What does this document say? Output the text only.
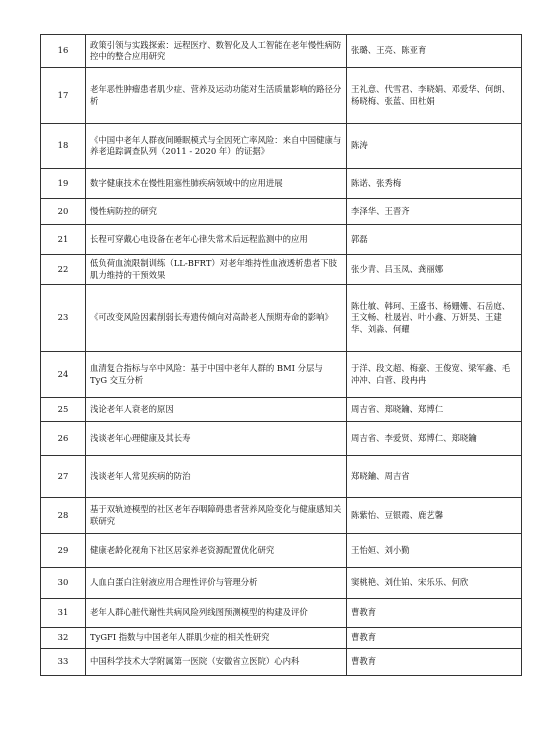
16	政策引领与实践探索：远程医疗、数智化及人工智能在老年慢性病防控中的整合应用研究	张璐、王亮、陈亚育
17	老年恶性肿瘤患者肌少症、营养及运动功能对生活质量影响的路径分析	王礼意、代雪君、李晓娟、邓爱华、何朗、杨晓梅、张蓝、田杜娟
18	《中国中老年人群夜间睡眠模式与全因死亡率风险：来自中国健康与养老追踪调查队列（2011 - 2020 年）的证据》	陈涛
19	数字健康技术在慢性阻塞性肺疾病领域中的应用进展	陈诺、张秀梅
20	慢性病防控的研究	李泽华、王晋齐
21	长程可穿戴心电设备在老年心律失常术后远程监测中的应用	郭磊
22	低负荷血流限制训练（LL-BFRT）对老年维持性血液透析患者下肢肌力维持的干预效果	张少青、吕玉凤、龚丽娜
23	《可改变风险因素削弱长寿遗传倾向对高龄老人预期寿命的影响》	陈仕敏、韩珂、王盛书、杨姗姗、石岳庭、王文畅、杜晟岩、叶小鑫、万妍昊、王建华、刘淼、何耀
24	血清复合指标与卒中风险：基于中国中老年人群的 BMI 分层与 TyG 交互分析	于洋、段文超、梅豪、王俊宽、梁军鑫、毛冲冲、白菅、段冉冉
25	浅论老年人衰老的原因	周吉省、郑晓鑰、郑博仁
26	浅谈老年心理健康及其长寿	周吉省、李爱贤、郑博仁、郑晓鑰
27	浅谈老年人常见疾病的防治	郑晓鑰、周吉省
28	基于双轨迹模型的社区老年吞咽障碍患者营养风险变化与健康感知关联研究	陈紫怡、豆银霞、鹿艺馨
29	健康老龄化视角下社区居家养老资源配置优化研究	王怡姮、刘小勤
30	人血白蛋白注射液应用合理性评价与管理分析	窦桃艳、刘仕铂、宋乐乐、何欣
31	老年人群心脏代谢性共病风险列线图预测模型的构建及评价	曹教育
32	TyGFI 指数与中国老年人群肌少症的相关性研究	曹教育
33	中国科学技术大学附属第一医院（安徽省立医院）心内科	曹教育
